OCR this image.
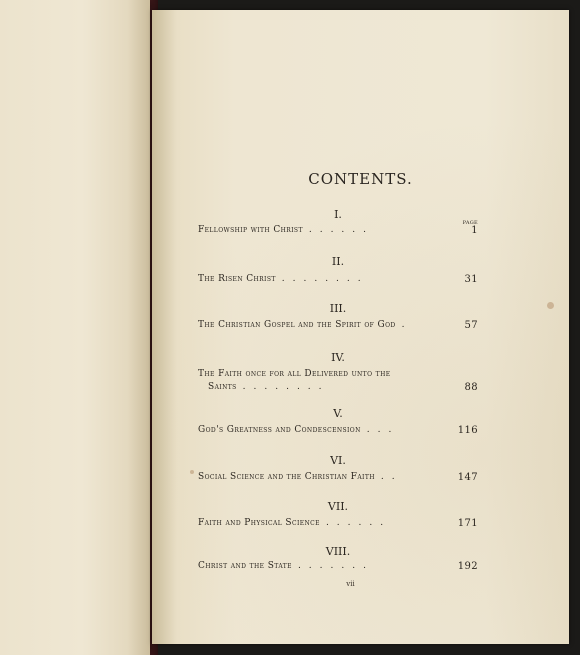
CONTENTS.
I.
PAGE
Fellowship with Christ ......	1
II.
The Risen Christ ........	31
III.
The Christian Gospel and the Spirit of God .	57
IV.
The Faith once for all Delivered unto the
Saints ........	88
V.
God's Greatness and Condescension ...	116
VI.
Social Science and the Christian Faith ..	147
VII.
Faith and Physical Science ......	171
VIII.
Christ and the State .......	192
vii
